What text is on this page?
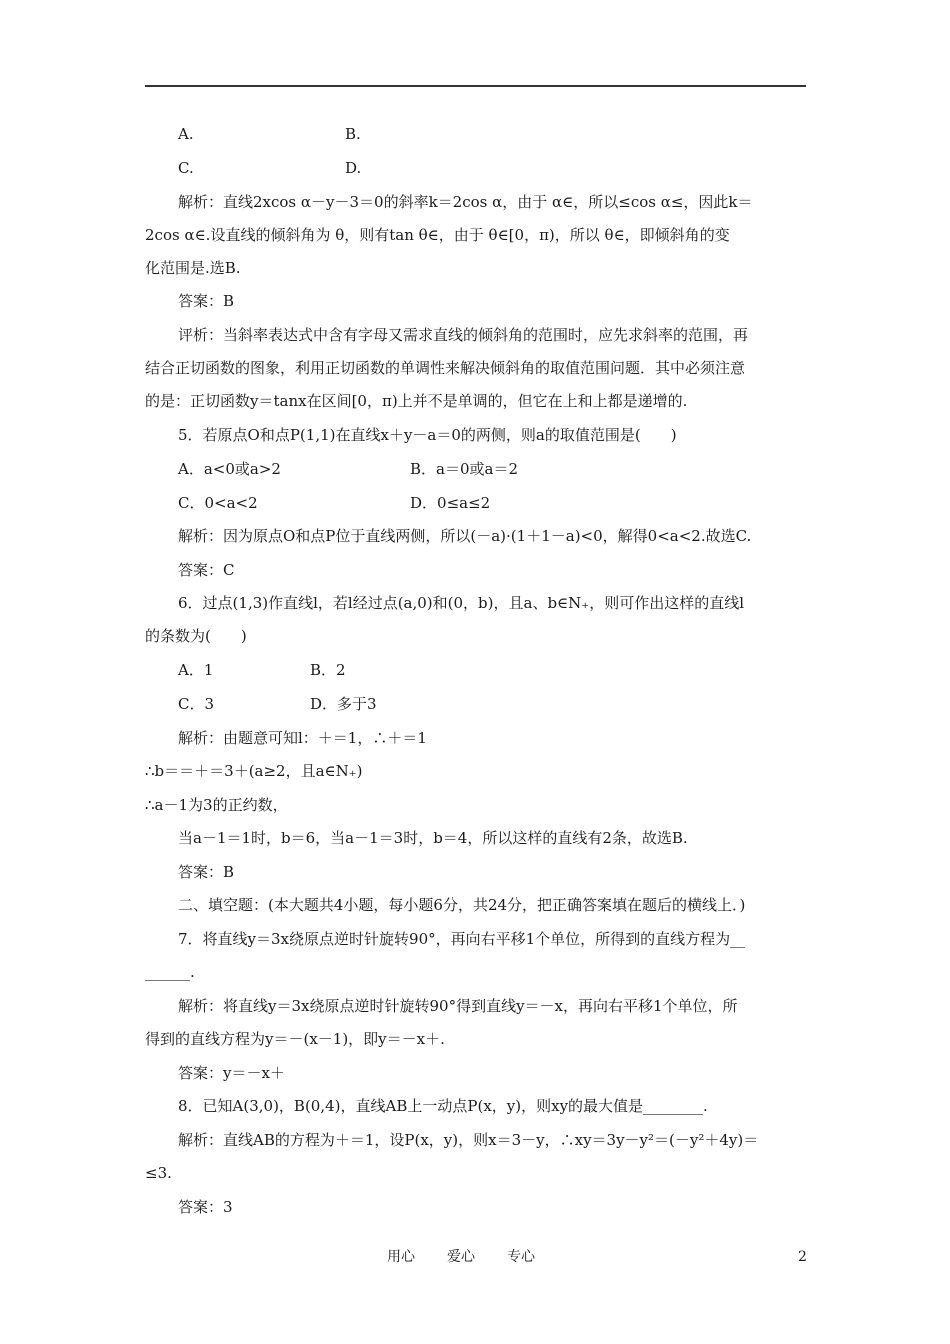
A.	B.
C.	D.
解析：直线2xcos α－y－3＝0的斜率k＝2cos α，由于 α∈，所以≤cos α≤，因此k＝
2cos α∈.设直线的倾斜角为 θ，则有tan θ∈，由于 θ∈[0，π)，所以 θ∈，即倾斜角的变
化范围是.选B.
答案：B
评析：当斜率表达式中含有字母又需求直线的倾斜角的范围时，应先求斜率的范围，再
结合正切函数的图象，利用正切函数的单调性来解决倾斜角的取值范围问题．其中必须注意
的是：正切函数y＝tanx在区间[0，π)上并不是单调的，但它在上和上都是递增的.
5．若原点O和点P(1,1)在直线x＋y－a＝0的两侧，则a的取值范围是(　　)
A．a<0或a>2	B．a＝0或a＝2
C．0<a<2	D．0≤a≤2
解析：因为原点O和点P位于直线两侧，所以(－a)·(1＋1－a)<0，解得0<a<2.故选C.
答案：C
6．过点(1,3)作直线l，若l经过点(a,0)和(0，b)，且a、b∈N₊，则可作出这样的直线l
的条数为(　　)
A．1	B．2
C．3	D．多于3
解析：由题意可知l：＋＝1，∴＋＝1
∴b＝＝＋＝3＋(a≥2，且a∈N₊)
∴a－1为3的正约数，
当a－1＝1时，b＝6，当a－1＝3时，b＝4，所以这样的直线有2条，故选B.
答案：B
二、填空题：(本大题共4小题，每小题6分，共24分，把正确答案填在题后的横线上．)
7．将直线y＝3x绕原点逆时针旋转90°，再向右平移1个单位，所得到的直线方程为__
______.
解析：将直线y＝3x绕原点逆时针旋转90°得到直线y＝－x，再向右平移1个单位，所
得到的直线方程为y＝－(x－1)，即y＝－x＋.
答案：y＝－x＋
8．已知A(3,0)，B(0,4)，直线AB上一动点P(x，y)，则xy的最大值是________.
解析：直线AB的方程为＋＝1，设P(x，y)，则x＝3－y，∴xy＝3y－y²＝(－y²＋4y)＝
≤3.
答案：3
用心 爱心 专心	2
